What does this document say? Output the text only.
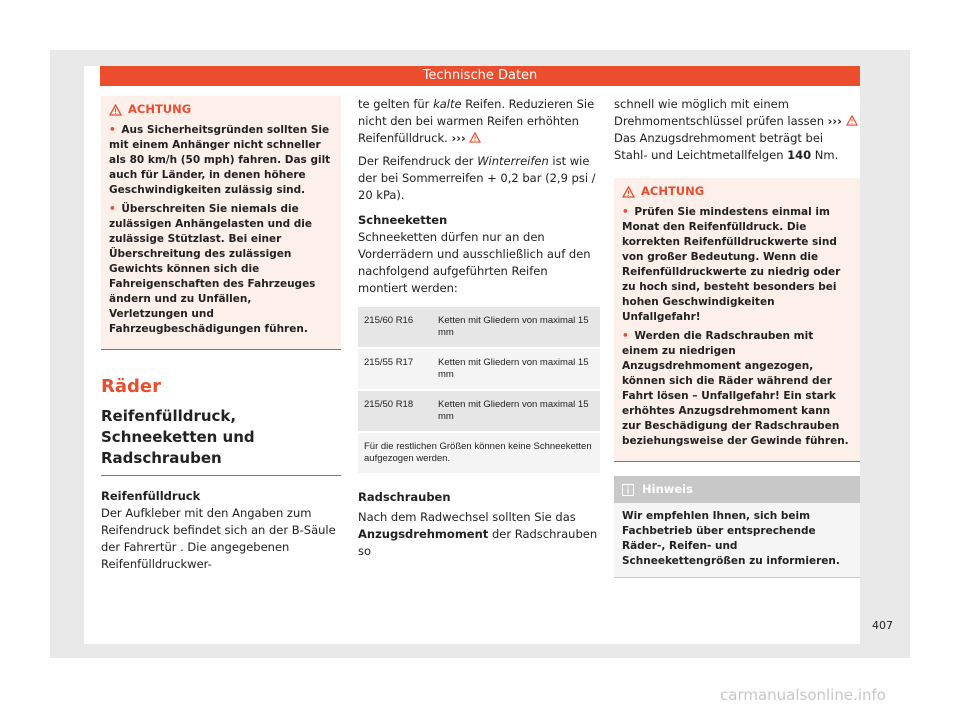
Technische Daten
ACHTUNG
• Aus Sicherheitsgründen sollten Sie mit einem Anhänger nicht schneller als 80 km/h (50 mph) fahren. Das gilt auch für Länder, in denen höhere Geschwindigkeiten zulässig sind.
• Überschreiten Sie niemals die zulässigen Anhängelasten und die zulässige Stützlast. Bei einer Überschreitung des zulässigen Gewichts können sich die Fahreigenschaften des Fahrzeuges ändern und zu Unfällen, Verletzungen und Fahrzeugbeschädigungen führen.
Räder
Reifenfülldruck, Schneeketten und Radschrauben

Reifenfülldruck

Der Aufkleber mit den Angaben zum Reifendruck befindet sich an der B-Säule der Fahrertür . Die angegebenen Reifenfülldruckwer-

te gelten für kalte Reifen. Reduzieren Sie nicht den bei warmen Reifen erhöhten Reifenfülldruck. ›››

Der Reifendruck der Winterreifen ist wie der bei Sommerreifen + 0,2 bar (2,9 psi / 20 kPa).

Schneeketten

Schneeketten dürfen nur an den Vorderrädern und ausschließlich auf den nachfolgend aufgeführten Reifen montiert werden:

215/60 R16	Ketten mit Gliedern von maximal 15 mm
215/55 R17	Ketten mit Gliedern von maximal 15 mm
215/50 R18	Ketten mit Gliedern von maximal 15 mm
Für die restlichen Größen können keine Schneeketten aufgezogen werden.	

Radschrauben

Nach dem Radwechsel sollten Sie das Anzugsdrehmoment der Radschrauben so

schnell wie möglich mit einem Drehmomentschlüssel prüfen lassen ›››  Das Anzugsdrehmoment beträgt bei Stahl- und Leichtmetallfelgen 140 Nm.

ACHTUNG
• Prüfen Sie mindestens einmal im Monat den Reifenfülldruck. Die korrekten Reifenfülldruckwerte sind von großer Bedeutung. Wenn die Reifenfülldruckwerte zu niedrig oder zu hoch sind, besteht besonders bei hohen Geschwindigkeiten Unfallgefahr!
• Werden die Radschrauben mit einem zu niedrigen Anzugsdrehmoment angezogen, können sich die Räder während der Fahrt lösen – Unfallgefahr! Ein stark erhöhtes Anzugsdrehmoment kann zur Beschädigung der Radschrauben beziehungsweise der Gewinde führen.
Hinweis
Wir empfehlen Ihnen, sich beim Fachbetrieb über entsprechende Räder-, Reifen- und Schneekettengrößen zu informieren.
407
carmanualsonline.info
